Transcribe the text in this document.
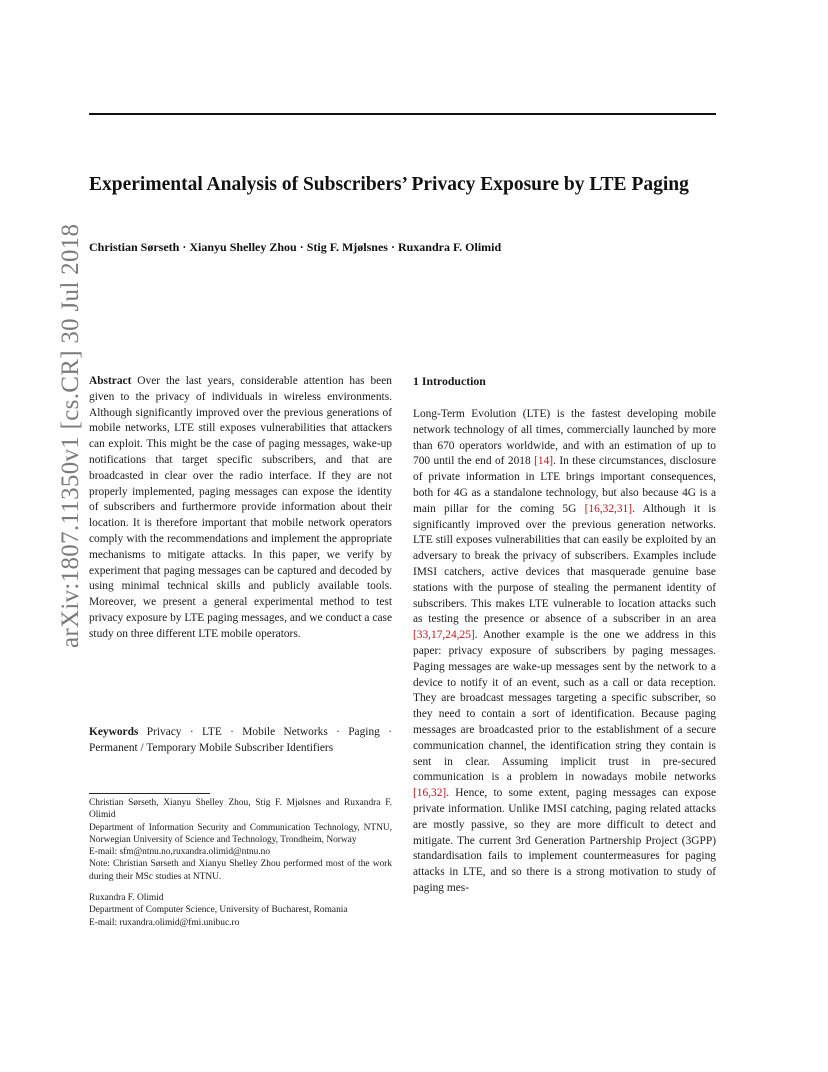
arXiv:1807.11350v1 [cs.CR] 30 Jul 2018
Experimental Analysis of Subscribers’ Privacy Exposure by LTE Paging
Christian Sørseth · Xianyu Shelley Zhou · Stig F. Mjølsnes · Ruxandra F. Olimid
Abstract Over the last years, considerable attention has been given to the privacy of individuals in wireless environments. Although significantly improved over the previous generations of mobile networks, LTE still exposes vulnerabilities that attackers can exploit. This might be the case of paging messages, wake-up notifications that target specific subscribers, and that are broadcasted in clear over the radio interface. If they are not properly implemented, paging messages can expose the identity of subscribers and furthermore provide information about their location. It is therefore important that mobile network operators comply with the recommendations and implement the appropriate mechanisms to mitigate attacks. In this paper, we verify by experiment that paging messages can be captured and decoded by using minimal technical skills and publicly available tools. Moreover, we present a general experimental method to test privacy exposure by LTE paging messages, and we conduct a case study on three different LTE mobile operators.
Keywords Privacy · LTE · Mobile Networks · Paging · Permanent / Temporary Mobile Subscriber Identifiers

Christian Sørseth, Xianyu Shelley Zhou, Stig F. Mjølsnes and Ruxandra F. Olimid

Department of Information Security and Communication Technology, NTNU, Norwegian University of Science and Technology, Trondheim, Norway

E-mail: sfm@ntnu.no,ruxandra.olimid@ntnu.no

Note: Christian Sørseth and Xianyu Shelley Zhou performed most of the work during their MSc studies at NTNU.

Ruxandra F. Olimid

Department of Computer Science, University of Bucharest, Romania

E-mail: ruxandra.olimid@fmi.unibuc.ro

1 Introduction
Long-Term Evolution (LTE) is the fastest developing mobile network technology of all times, commercially launched by more than 670 operators worldwide, and with an estimation of up to 700 until the end of 2018 [14]. In these circumstances, disclosure of private information in LTE brings important consequences, both for 4G as a standalone technology, but also because 4G is a main pillar for the coming 5G [16,32,31]. Although it is significantly improved over the previous generation networks. LTE still exposes vulnerabilities that can easily be exploited by an adversary to break the privacy of subscribers. Examples include IMSI catchers, active devices that masquerade genuine base stations with the purpose of stealing the permanent identity of subscribers. This makes LTE vulnerable to location attacks such as testing the presence or absence of a subscriber in an area [33,17,24,25]. Another example is the one we address in this paper: privacy exposure of subscribers by paging messages. Paging messages are wake-up messages sent by the network to a device to notify it of an event, such as a call or data reception. They are broadcast messages targeting a specific subscriber, so they need to contain a sort of identification. Because paging messages are broadcasted prior to the establishment of a secure communication channel, the identification string they contain is sent in clear. Assuming implicit trust in pre-secured communication is a problem in nowadays mobile networks [16,32]. Hence, to some extent, paging messages can expose private information. Unlike IMSI catching, paging related attacks are mostly passive, so they are more difficult to detect and mitigate. The current 3rd Generation Partnership Project (3GPP) standardisation fails to implement countermeasures for paging attacks in LTE, and so there is a strong motivation to study of paging mes-
